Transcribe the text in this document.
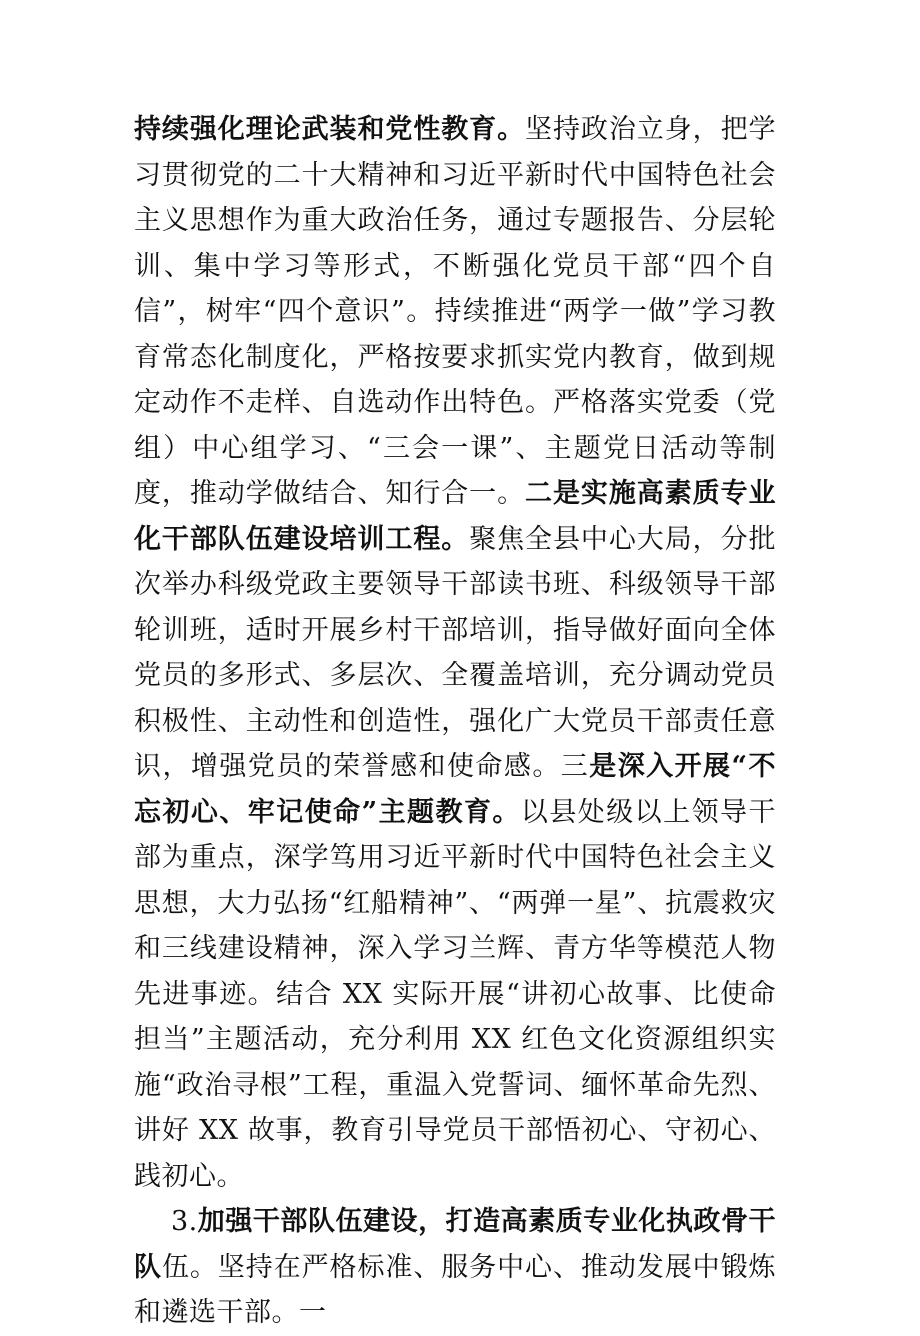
持续强化理论武装和党性教育。坚持政治立身，把学习贯彻党的二十大精神和习近平新时代中国特色社会主义思想作为重大政治任务，通过专题报告、分层轮训、集中学习等形式，不断强化党员干部“四个自信”，树牢“四个意识”。持续推进“两学一做”学习教育常态化制度化，严格按要求抓实党内教育，做到规定动作不走样、自选动作出特色。严格落实党委（党组）中心组学习、“三会一课”、主题党日活动等制度，推动学做结合、知行合一。二是实施高素质专业化干部队伍建设培训工程。聚焦全县中心大局，分批次举办科级党政主要领导干部读书班、科级领导干部轮训班，适时开展乡村干部培训，指导做好面向全体党员的多形式、多层次、全覆盖培训，充分调动党员积极性、主动性和创造性，强化广大党员干部责任意识，增强党员的荣誉感和使命感。三是深入开展“不忘初心、牢记使命”主题教育。以县处级以上领导干部为重点，深学笃用习近平新时代中国特色社会主义思想，大力弘扬“红船精神”、“两弹一星”、抗震救灾和三线建设精神，深入学习兰辉、青方华等模范人物先进事迹。结合 XX 实际开展“讲初心故事、比使命担当”主题活动，充分利用 XX 红色文化资源组织实施“政治寻根”工程，重温入党誓词、缅怀革命先烈、讲好 XX 故事，教育引导党员干部悟初心、守初心、践初心。

3.加强干部队伍建设，打造高素质专业化执政骨干队伍。坚持在严格标准、服务中心、推动发展中锻炼和遴选干部。一
